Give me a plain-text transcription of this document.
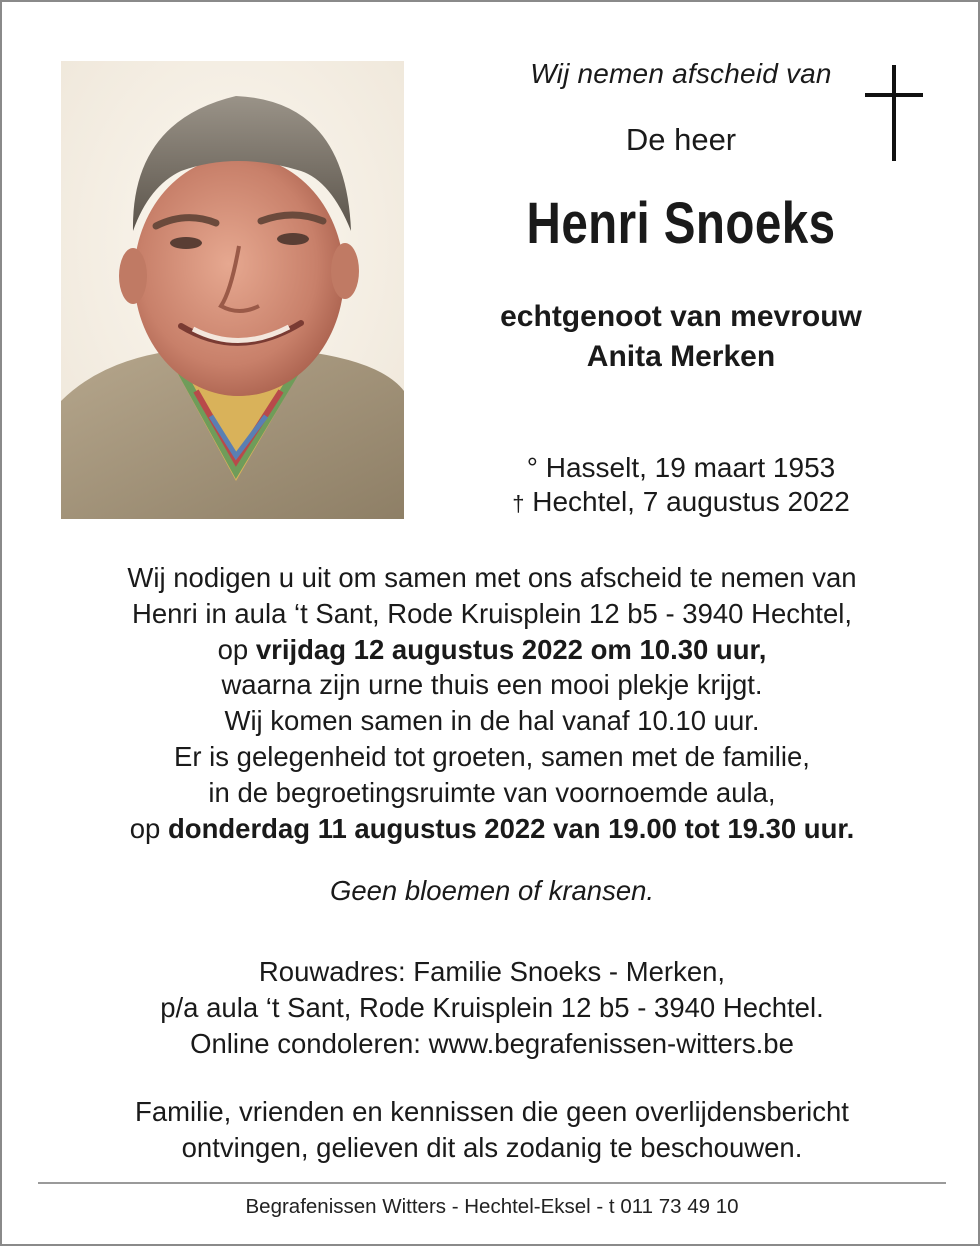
Wij nemen afscheid van
De heer
Henri Snoeks
echtgenoot van mevrouw
Anita Merken
° Hasselt, 19 maart 1953
† Hechtel, 7 augustus 2022

Wij nodigen u uit om samen met ons afscheid te nemen van

Henri in aula ‘t Sant, Rode Kruisplein 12 b5 - 3940 Hechtel,

op vrijdag 12 augustus 2022 om 10.30 uur,

waarna zijn urne thuis een mooi plekje krijgt.

Wij komen samen in de hal vanaf 10.10 uur.

Er is gelegenheid tot groeten, samen met de familie,

in de begroetingsruimte van voornoemde aula,

op donderdag 11 augustus 2022 van 19.00 tot 19.30 uur.

Geen bloemen of kransen.

Rouwadres: Familie Snoeks - Merken,

p/a aula ‘t Sant, Rode Kruisplein 12 b5 - 3940 Hechtel.

Online condoleren: www.begrafenissen-witters.be

Familie, vrienden en kennissen die geen overlijdensbericht

ontvingen, gelieven dit als zodanig te beschouwen.

Begrafenissen Witters - Hechtel-Eksel - t 011 73 49 10
